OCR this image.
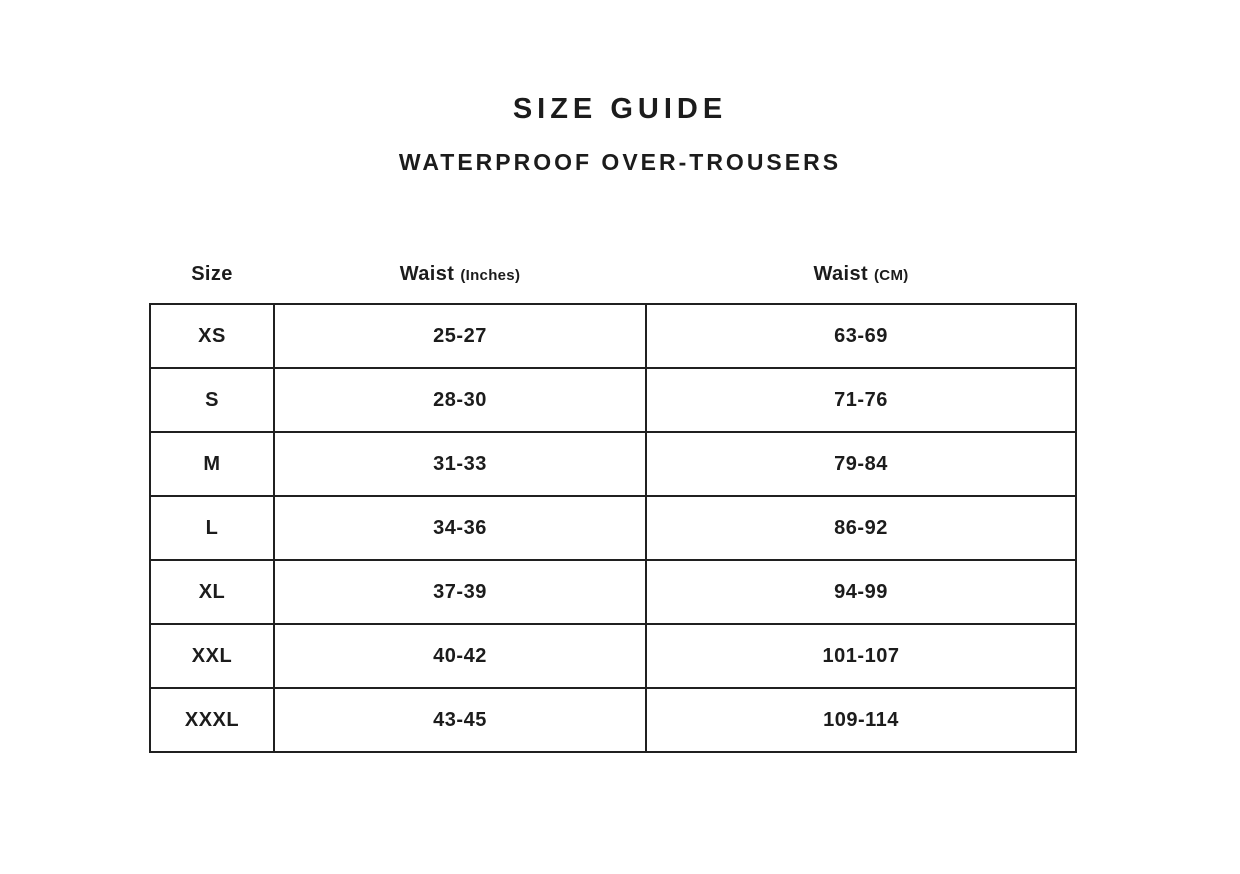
SIZE GUIDE
WATERPROOF OVER-TROUSERS
Size	Waist (Inches)	Waist (CM)
XS	25-27	63-69
S	28-30	71-76
M	31-33	79-84
L	34-36	86-92
XL	37-39	94-99
XXL	40-42	101-107
XXXL	43-45	109-114
